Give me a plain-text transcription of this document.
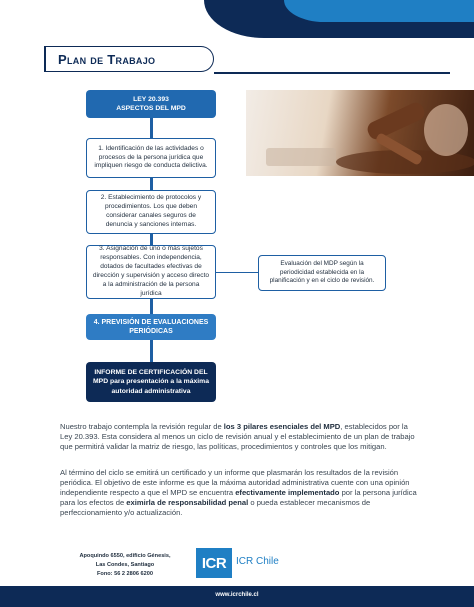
Plan de Trabajo
LEY 20.393
ASPECTOS DEL MPD
1. Identificación de las actividades o procesos de la persona jurídica que impliquen riesgo de conducta delictiva.
2. Establecimiento de protocolos y procedimientos. Los que deben considerar canales seguros de denuncia y sanciones internas.
3. Asignación de uno o más sujetos responsables. Con independencia, dotados de facultades efectivas de dirección y supervisión y acceso directo a la administración de la persona jurídica
Evaluación del MDP según la periodicidad establecida en la planificación y en el ciclo de revisión.
4. PREVISIÓN DE EVALUACIONES PERIÓDICAS
INFORME DE CERTIFICACIÓN DEL MPD para presentación a la máxima autoridad administrativa

Nuestro trabajo contempla la revisión regular de los 3 pilares esenciales del MPD, establecidos por la Ley 20.393. Esta considera al menos un ciclo de revisión anual y el establecimiento de un plan de trabajo que permitirá validar la matriz de riesgo, las políticas, procedimientos y controles que los mitigan.

Al término del ciclo se emitirá un certificado y un informe que plasmarán los resultados de la revisión periódica. El objetivo de este informe es que la máxima autoridad administrativa cuente con una opinión independiente respecto a que el MPD se encuentra efectivamente implementado por la persona jurídica para los efectos de eximirla de responsabilidad penal o pueda establecer mecanismos de perfeccionamiento y/o actualización.

Apoquindo 6550, edificio Génesis,
Las Condes, Santiago
Fono: 56 2 2806 6200
ICR ICR Chile
www.icrchile.cl
